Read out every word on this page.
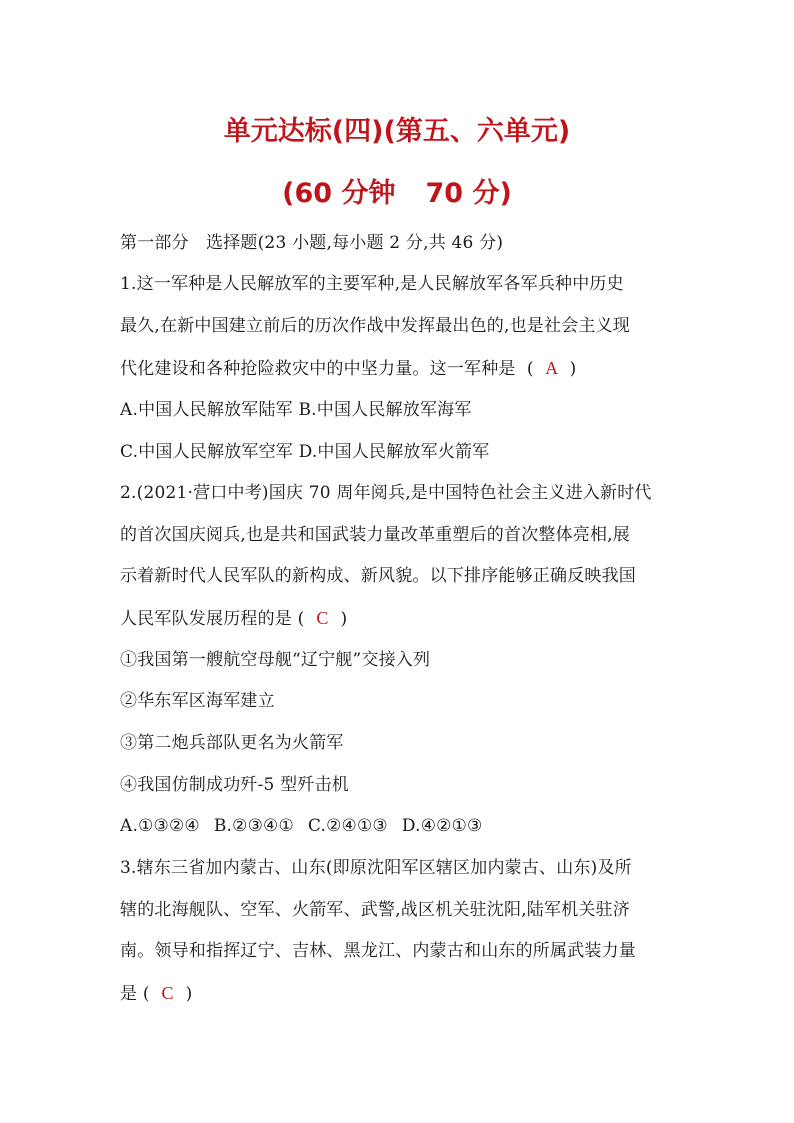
单元达标(四)(第五、六单元)
(60 分钟 70 分)
第一部分　选择题(23 小题,每小题 2 分,共 46 分)
1.这一军种是人民解放军的主要军种,是人民解放军各军兵种中历史
最久,在新中国建立前后的历次作战中发挥最出色的,也是社会主义现
代化建设和各种抢险救灾中的中坚力量。这一军种是 ( A )
A.中国人民解放军陆军 B.中国人民解放军海军
C.中国人民解放军空军 D.中国人民解放军火箭军
2.(2021·营口中考)国庆 70 周年阅兵,是中国特色社会主义进入新时代
的首次国庆阅兵,也是共和国武装力量改革重塑后的首次整体亮相,展
示着新时代人民军队的新构成、新风貌。以下排序能够正确反映我国
人民军队发展历程的是 ( C )
①我国第一艘航空母舰“辽宁舰”交接入列
②华东军区海军建立
③第二炮兵部队更名为火箭军
④我国仿制成功歼-5 型歼击机
A.①③②④ B.②③④① C.②④①③ D.④②①③
3.辖东三省加内蒙古、山东(即原沈阳军区辖区加内蒙古、山东)及所
辖的北海舰队、空军、火箭军、武警,战区机关驻沈阳,陆军机关驻济
南。领导和指挥辽宁、吉林、黑龙江、内蒙古和山东的所属武装力量
是 ( C )
